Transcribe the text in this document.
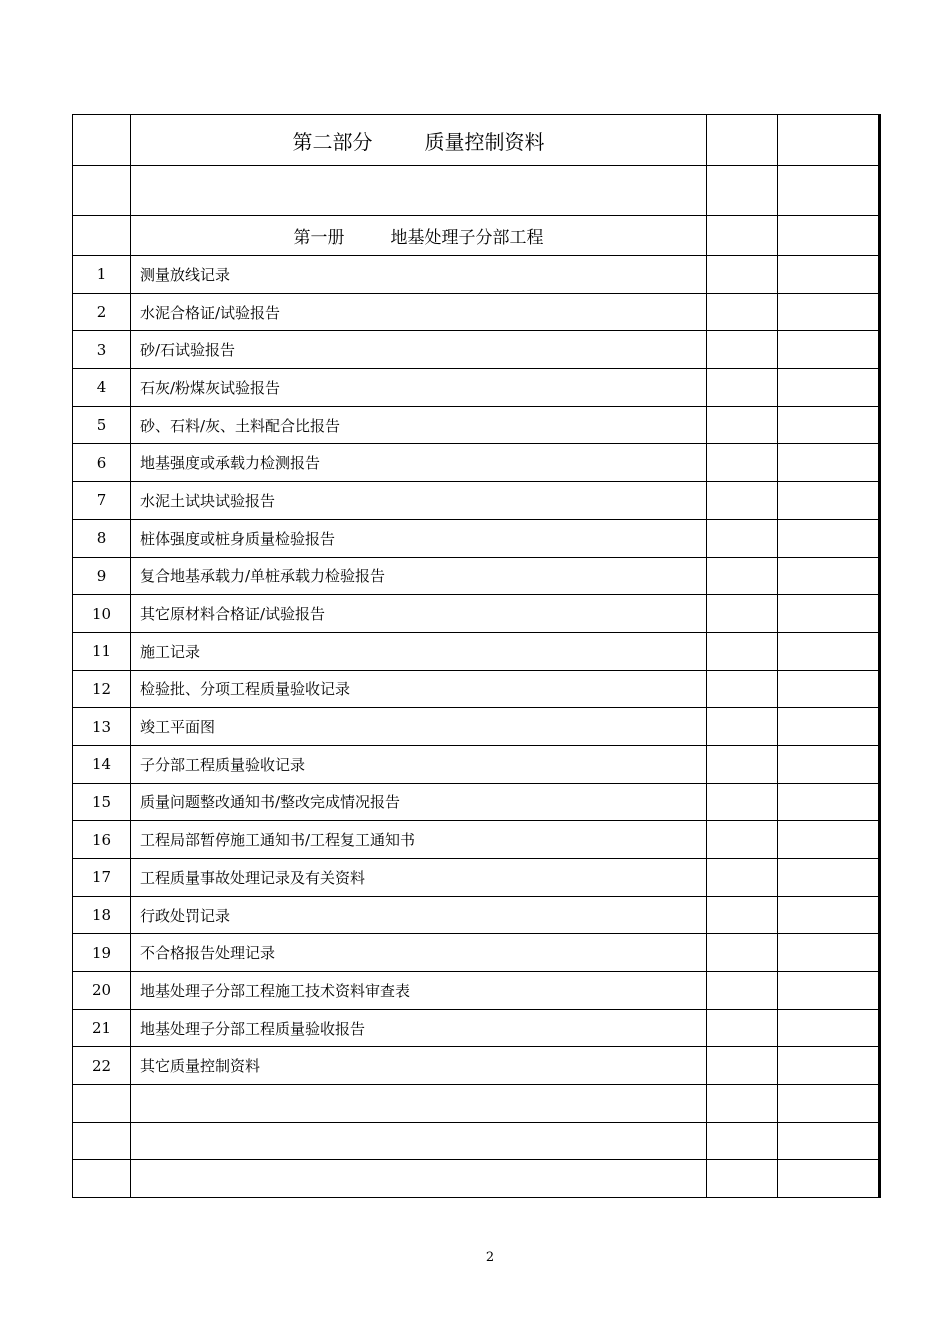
	第二部分 质量控制资料		

	第一册 地基处理子分部工程		
1	测量放线记录		
2	水泥合格证/试验报告		
3	砂/石试验报告		
4	石灰/粉煤灰试验报告		
5	砂、石料/灰、土料配合比报告		
6	地基强度或承载力检测报告		
7	水泥土试块试验报告		
8	桩体强度或桩身质量检验报告		
9	复合地基承载力/单桩承载力检验报告		
10	其它原材料合格证/试验报告		
11	施工记录		
12	检验批、分项工程质量验收记录		
13	竣工平面图		
14	子分部工程质量验收记录		
15	质量问题整改通知书/整改完成情况报告		
16	工程局部暂停施工通知书/工程复工通知书		
17	工程质量事故处理记录及有关资料		
18	行政处罚记录		
19	不合格报告处理记录		
20	地基处理子分部工程施工技术资料审查表		
21	地基处理子分部工程质量验收报告		
22	其它质量控制资料		

2
